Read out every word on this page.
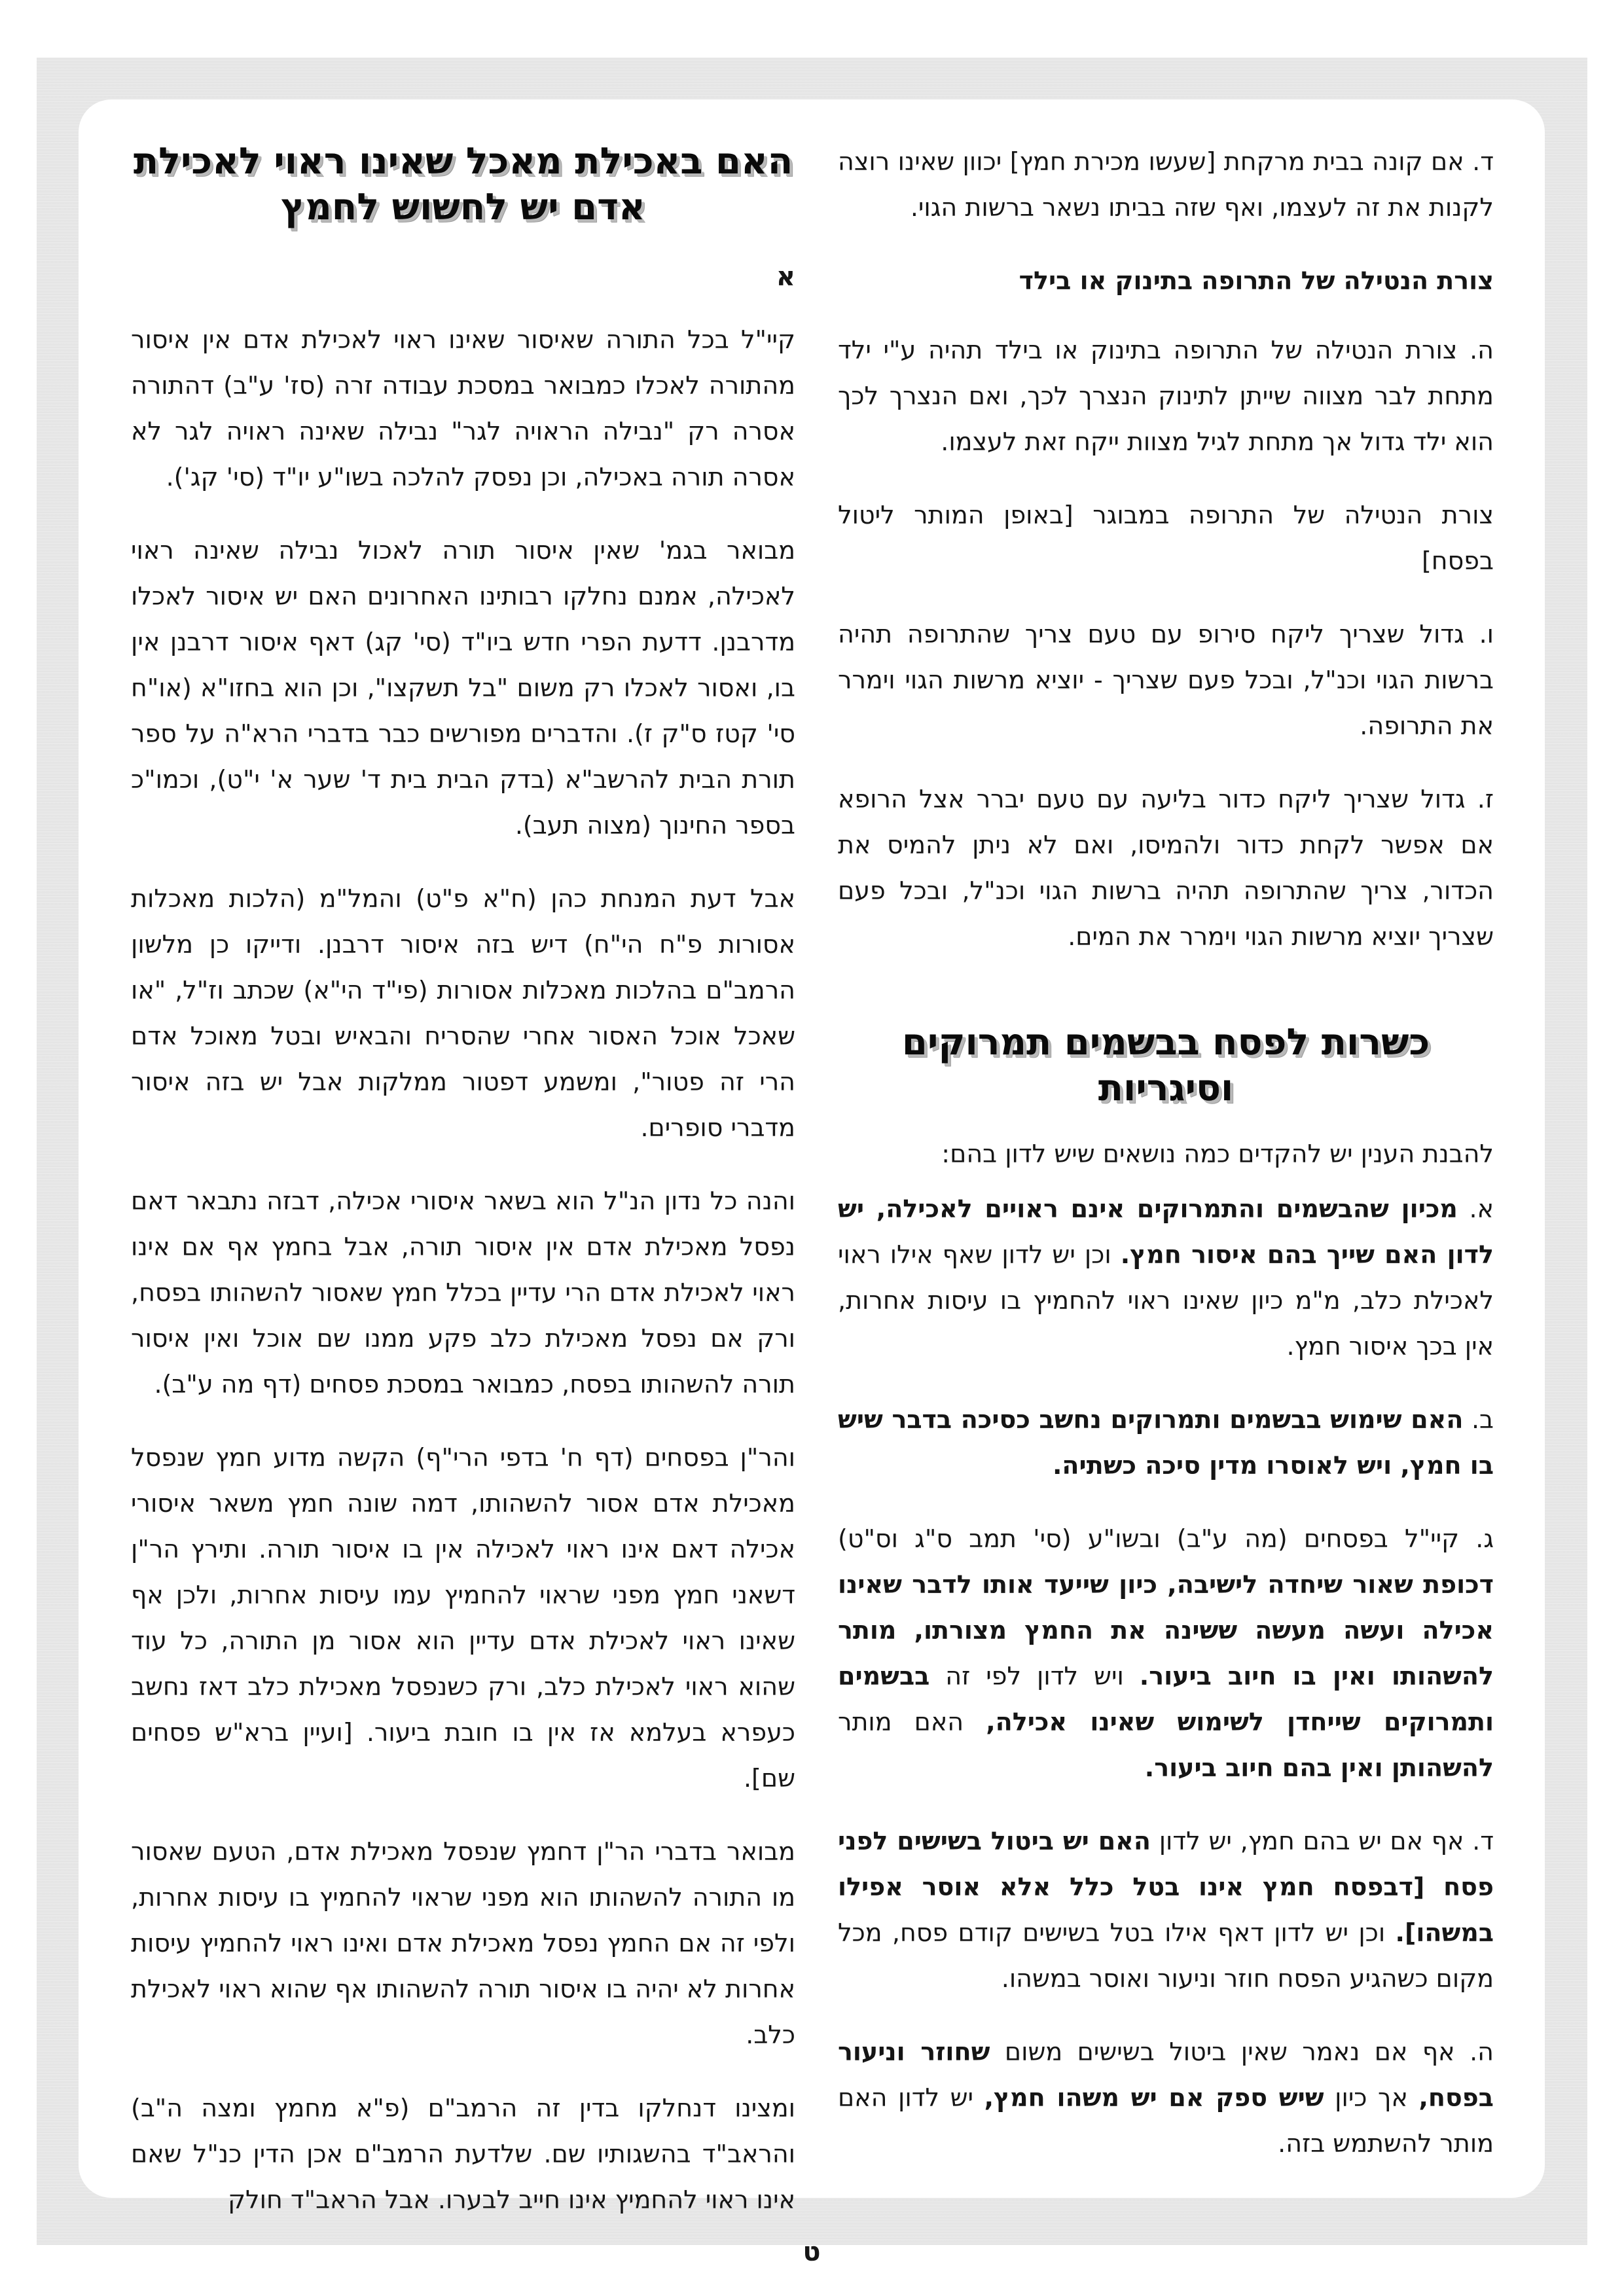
ד. אם קונה בבית מרקחת [שעשו מכירת חמץ] יכוון שאינו רוצה לקנות את זה לעצמו, ואף שזה בביתו נשאר ברשות הגוי.

צורת הנטילה של התרופה בתינוק או בילד

ה. צורת הנטילה של התרופה בתינוק או בילד תהיה ע"י ילד מתחת לבר מצווה שייתן לתינוק הנצרך לכך, ואם הנצרך לכך הוא ילד גדול אך מתחת לגיל מצוות ייקח זאת לעצמו.

צורת הנטילה של התרופה במבוגר [באופן המותר ליטול בפסח]

ו. גדול שצריך ליקח סירופ עם טעם צריך שהתרופה תהיה ברשות הגוי וכנ"ל, ובכל פעם שצריך - יוציא מרשות הגוי וימרר את התרופה.

ז. גדול שצריך ליקח כדור בליעה עם טעם יברר אצל הרופא אם אפשר לקחת כדור ולהמיסו, ואם לא ניתן להמיס את הכדור, צריך שהתרופה תהיה ברשות הגוי וכנ"ל, ובכל פעם שצריך יוציא מרשות הגוי וימרר את המים.

כשרות לפסח בבשמים תמרוקים
וסיגריות

להבנת הענין יש להקדים כמה נושאים שיש לדון בהם:

א. מכיון שהבשמים והתמרוקים אינם ראויים לאכילה, יש לדון האם שייך בהם איסור חמץ. וכן יש לדון שאף אילו ראוי לאכילת כלב, מ"מ כיון שאינו ראוי להחמיץ בו עיסות אחרות, אין בכך איסור חמץ.

ב. האם שימוש בבשמים ותמרוקים נחשב כסיכה בדבר שיש בו חמץ, ויש לאוסרו מדין סיכה כשתיה.

ג. קיי"ל בפסחים (מה ע"ב) ובשו"ע (סי' תמב ס"ג וס"ט) דכופת שאור שיחדה לישיבה, כיון שייעד אותו לדבר שאינו אכילה ועשה מעשה ששינה את החמץ מצורתו, מותר להשהותו ואין בו חיוב ביעור. ויש לדון לפי זה בבשמים ותמרוקים שייחדן לשימוש שאינו אכילה, האם מותר להשהותן ואין בהם חיוב ביעור.

ד. אף אם יש בהם חמץ, יש לדון האם יש ביטול בשישים לפני פסח [דבפסח חמץ אינו בטל כלל אלא אוסר אפילו במשהו]. וכן יש לדון דאף אילו בטל בשישים קודם פסח, מכל מקום כשהגיע הפסח חוזר וניעור ואוסר במשהו.

ה. אף אם נאמר שאין ביטול בשישים משום שחוזר וניעור בפסח, אך כיון שיש ספק אם יש משהו חמץ, יש לדון האם מותר להשתמש בזה.

האם באכילת מאכל שאינו ראוי לאכילת
אדם יש לחשוש לחמץ
א

קיי"ל בכל התורה שאיסור שאינו ראוי לאכילת אדם אין איסור מהתורה לאכלו כמבואר במסכת עבודה זרה (סז' ע"ב) דהתורה אסרה רק "נבילה הראויה לגר" נבילה שאינה ראויה לגר לא אסרה תורה באכילה, וכן נפסק להלכה בשו"ע יו"ד (סי' קג').

מבואר בגמ' שאין איסור תורה לאכול נבילה שאינה ראוי לאכילה, אמנם נחלקו רבותינו האחרונים האם יש איסור לאכלו מדרבנן. דדעת הפרי חדש ביו"ד (סי' קג) דאף איסור דרבנן אין בו, ואסור לאכלו רק משום "בל תשקצו", וכן הוא בחזו"א (או"ח סי' קטז ס"ק ז). והדברים מפורשים כבר בדברי הרא"ה על ספר תורת הבית להרשב"א (בדק הבית בית ד' שער א' י"ט), וכמו"כ בספר החינוך (מצוה תעב).

אבל דעת המנחת כהן (ח"א פ"ט) והמל"מ (הלכות מאכלות אסורות פ"ח הי"ח) דיש בזה איסור דרבנן. ודייקו כן מלשון הרמב"ם בהלכות מאכלות אסורות (פי"ד הי"א) שכתב וז"ל, "או שאכל אוכל האסור אחרי שהסריח והבאיש ובטל מאוכל אדם הרי זה פטור", ומשמע דפטור ממלקות אבל יש בזה איסור מדברי סופרים.

והנה כל נדון הנ"ל הוא בשאר איסורי אכילה, דבזה נתבאר דאם נפסל מאכילת אדם אין איסור תורה, אבל בחמץ אף אם אינו ראוי לאכילת אדם הרי עדיין בכלל חמץ שאסור להשהותו בפסח, ורק אם נפסל מאכילת כלב פקע ממנו שם אוכל ואין איסור תורה להשהותו בפסח, כמבואר במסכת פסחים (דף מה ע"ב).

והר"ן בפסחים (דף ח' בדפי הרי"ף) הקשה מדוע חמץ שנפסל מאכילת אדם אסור להשהותו, דמה שונה חמץ משאר איסורי אכילה דאם אינו ראוי לאכילה אין בו איסור תורה. ותירץ הר"ן דשאני חמץ מפני שראוי להחמיץ עמו עיסות אחרות, ולכן אף שאינו ראוי לאכילת אדם עדיין הוא אסור מן התורה, כל עוד שהוא ראוי לאכילת כלב, ורק כשנפסל מאכילת כלב דאז נחשב כעפרא בעלמא אז אין בו חובת ביעור. [ועיין ברא"ש פסחים שם].

מבואר בדברי הר"ן דחמץ שנפסל מאכילת אדם, הטעם שאסור מו התורה להשהותו הוא מפני שראוי להחמיץ בו עיסות אחרות, ולפי זה אם החמץ נפסל מאכילת אדם ואינו ראוי להחמיץ עיסות אחרות לא יהיה בו איסור תורה להשהותו אף שהוא ראוי לאכילת כלב.

ומצינו דנחלקו בדין זה הרמב"ם (פ"א מחמץ ומצה ה"ב) והראב"ד בהשגותיו שם. שלדעת הרמב"ם אכן הדין כנ"ל שאם אינו ראוי להחמיץ אינו חייב לבערו. אבל הראב"ד חולק

ט
